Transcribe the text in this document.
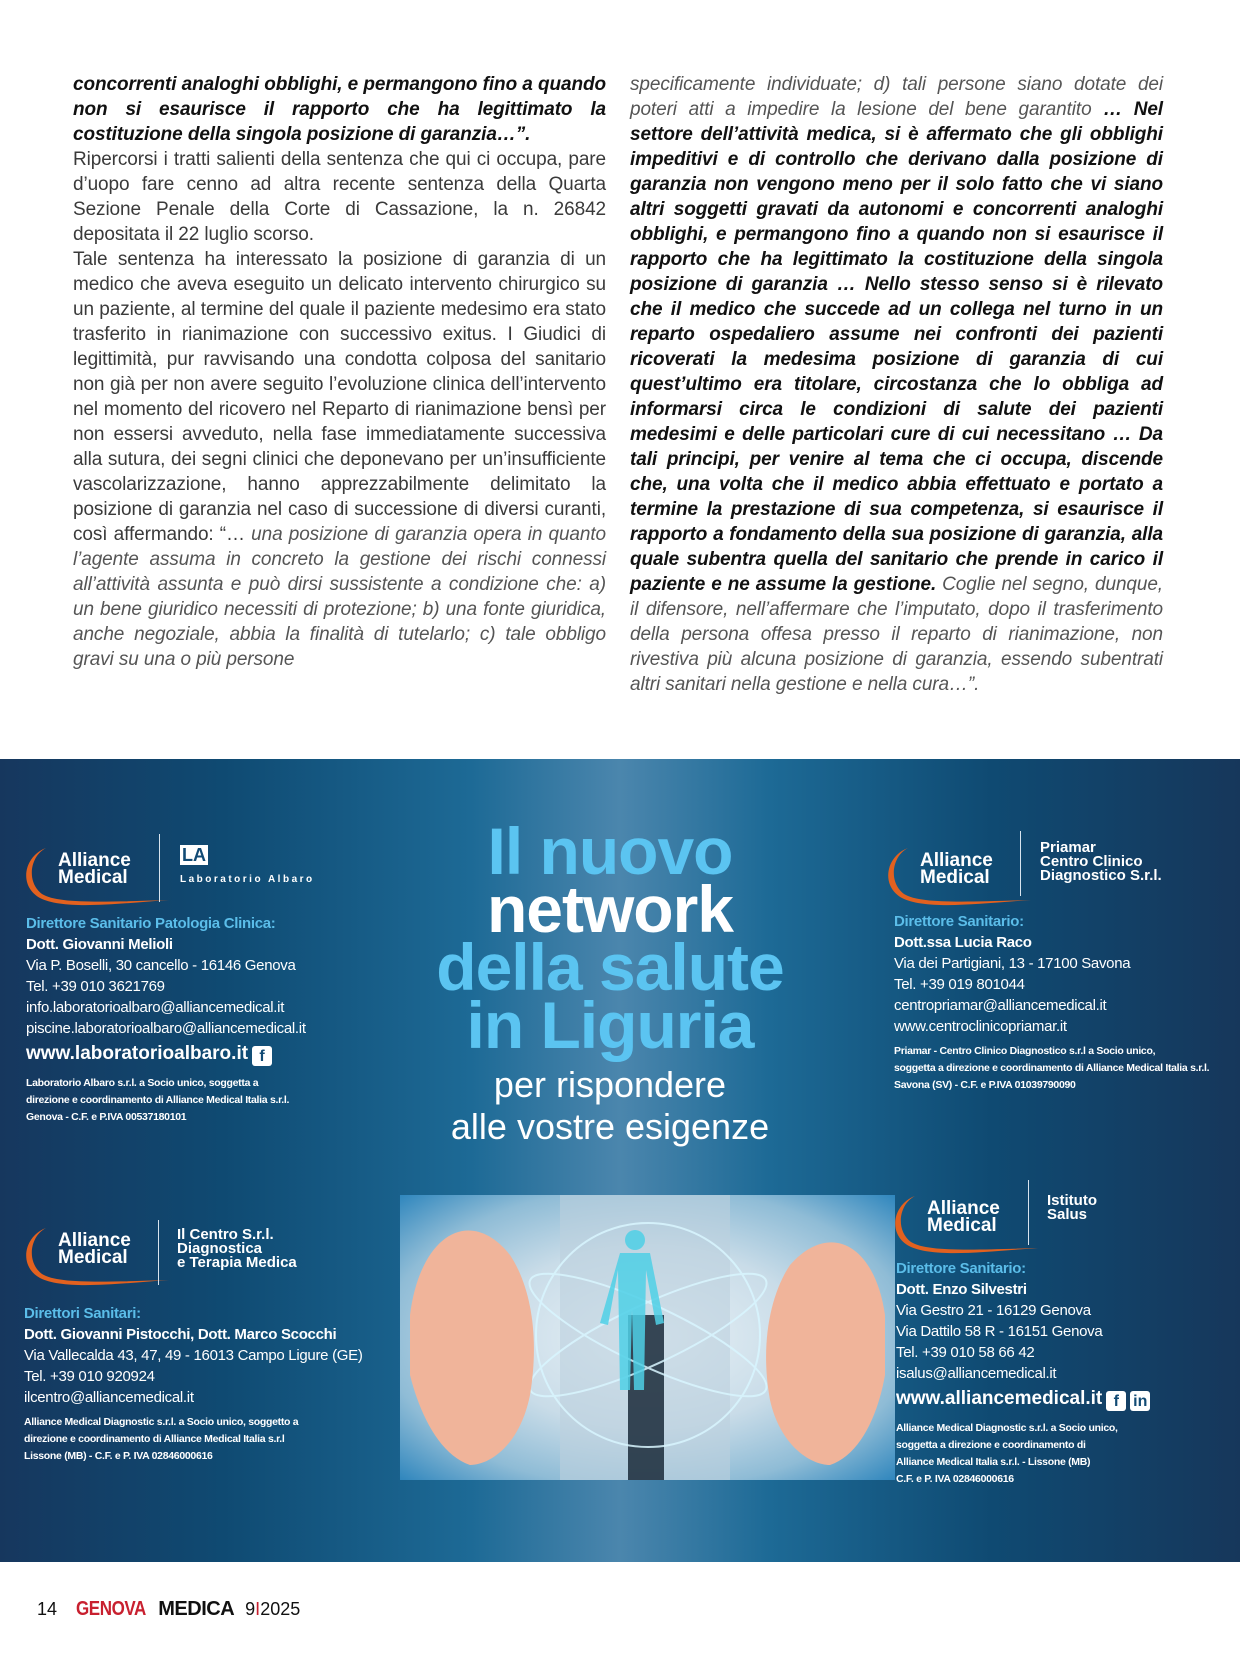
concorrenti analoghi obblighi, e permangono fino a quando non si esaurisce il rapporto che ha legittimato la costituzione della singola posizione di garanzia…”.

Ripercorsi i tratti salienti della sentenza che qui ci occupa, pare d’uopo fare cenno ad altra recente sentenza della Quarta Sezione Penale della Corte di Cassazione, la n. 26842 depositata il 22 luglio scorso.

Tale sentenza ha interessato la posizione di garanzia di un medico che aveva eseguito un delicato intervento chirurgico su un paziente, al termine del quale il paziente medesimo era stato trasferito in rianimazione con successivo exitus. I Giudici di legittimità, pur ravvisando una condotta colposa del sanitario non già per non avere seguito l’evoluzione clinica dell’intervento nel momento del ricovero nel Reparto di rianimazione bensì per non essersi avveduto, nella fase immediatamente successiva alla sutura, dei segni clinici che deponevano per un’insufficiente vascolarizzazione, hanno apprezzabilmente delimitato la posizione di garanzia nel caso di successione di diversi curanti, così affermando: “… una posizione di garanzia opera in quanto l’agente assuma in concreto la gestione dei rischi connessi all’attività assunta e può dirsi sussistente a condizione che: a) un bene giuridico necessiti di protezione; b) una fonte giuridica, anche negoziale, abbia la finalità di tutelarlo; c) tale obbligo gravi su una o più persone

specificamente individuate; d) tali persone siano dotate dei poteri atti a impedire la lesione del bene garantito … Nel settore dell’attività medica, si è affermato che gli obblighi impeditivi e di controllo che derivano dalla posizione di garanzia non vengono meno per il solo fatto che vi siano altri soggetti gravati da autonomi e concorrenti analoghi obblighi, e permangono fino a quando non si esaurisce il rapporto che ha legittimato la costituzione della singola posizione di garanzia … Nello stesso senso si è rilevato che il medico che succede ad un collega nel turno in un reparto ospedaliero assume nei confronti dei pazienti ricoverati la medesima posizione di garanzia di cui quest’ultimo era titolare, circostanza che lo obbliga ad informarsi circa le condizioni di salute dei pazienti medesimi e delle particolari cure di cui necessitano … Da tali principi, per venire al tema che ci occupa, discende che, una volta che il medico abbia effettuato e portato a termine la prestazione di sua competenza, si esaurisce il rapporto a fondamento della sua posizione di garanzia, alla quale subentra quella del sanitario che prende in carico il paziente e ne assume la gestione. Coglie nel segno, dunque, il difensore, nell’affermare che l’imputato, dopo il trasferimento della persona offesa presso il reparto di rianimazione, non rivestiva più alcuna posizione di garanzia, essendo subentrati altri sanitari nella gestione e nella cura…”.

Alliance
Medical
LA
Laboratorio Albaro
Direttore Sanitario Patologia Clinica:
Dott. Giovanni Melioli
Via P. Boselli, 30 cancello - 16146 Genova
Tel. +39 010 3621769
info.laboratorioalbaro@alliancemedical.it
piscine.laboratorioalbaro@alliancemedical.it
www.laboratorioalbaro.it f
Laboratorio Albaro s.r.l. a Socio unico, soggetta a
direzione e coordinamento di Alliance Medical Italia s.r.l.
Genova - C.F. e P.IVA 00537180101
Alliance
Medical
Priamar
Centro Clinico
Diagnostico S.r.l.
Direttore Sanitario:
Dott.ssa Lucia Raco
Via dei Partigiani, 13 - 17100 Savona
Tel. +39 019 801044
centropriamar@alliancemedical.it
www.centroclinicopriamar.it
Priamar - Centro Clinico Diagnostico s.r.l a Socio unico,
soggetta a direzione e coordinamento di Alliance Medical Italia s.r.l.
Savona (SV) - C.F. e P.IVA 01039790090
Alliance
Medical
Il Centro S.r.l.
Diagnostica
e Terapia Medica
Direttori Sanitari:
Dott. Giovanni Pistocchi, Dott. Marco Scocchi
Via Vallecalda 43, 47, 49 - 16013 Campo Ligure (GE)
Tel. +39 010 920924
ilcentro@alliancemedical.it
Alliance Medical Diagnostic s.r.l. a Socio unico, soggetto a
direzione e coordinamento di Alliance Medical Italia s.r.l
Lissone (MB) - C.F. e P. IVA 02846000616
Alliance
Medical
Istituto
Salus
Direttore Sanitario:
Dott. Enzo Silvestri
Via Gestro 21 - 16129 Genova
Via Dattilo 58 R - 16151 Genova
Tel. +39 010 58 66 42
isalus@alliancemedical.it
www.alliancemedical.it f in
Alliance Medical Diagnostic s.r.l. a Socio unico,
soggetta a direzione e coordinamento di
Alliance Medical Italia s.r.l. - Lissone (MB)
C.F. e P. IVA 02846000616
14 GENOVA MEDICA 9I2025
Il nuovo
network
della salute
in Liguria
per rispondere
alle vostre esigenze
